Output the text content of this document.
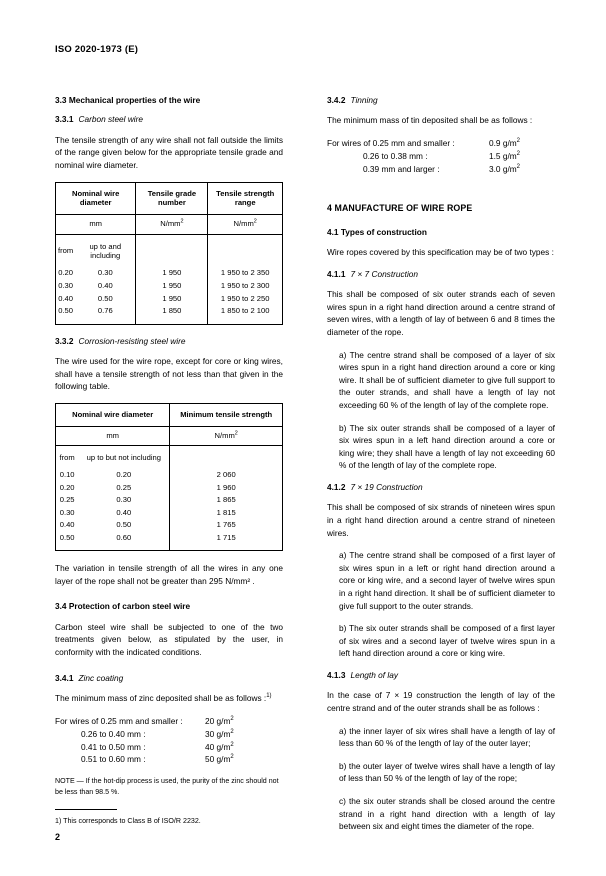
ISO 2020-1973 (E)
3.3 Mechanical properties of the wire
3.3.1 Carbon steel wire

The tensile strength of any wire shall not fall outside the limits of the range given below for the appropriate tensile grade and nominal wire diameter.

Nominal wire diameter		Tensile grade number	Tensile strength range
mm		$N/mm^2$	$N/mm^2$
from	up to and including		
0.20	0.30	1 950	1 950 to 2 350
0.30	0.40	1 950	1 950 to 2 300
0.40	0.50	1 950	1 950 to 2 250
0.50	0.76	1 850	1 850 to 2 100
3.3.2 Corrosion-resisting steel wire

The wire used for the wire rope, except for core or king wires, shall have a tensile strength of not less than that given in the following table.

Nominal wire diameter		Minimum tensile strength
mm		$N/mm^2$
from	up to but not including	
0.10	0.20	2 060
0.20	0.25	1 960
0.25	0.30	1 865
0.30	0.40	1 815
0.40	0.50	1 765
0.50	0.60	1 715

The variation in tensile strength of all the wires in any one layer of the rope shall not be greater than 295 N/mm² .

3.4 Protection of carbon steel wire

Carbon steel wire shall be subjected to one of the two treatments given below, as stipulated by the user, in conformity with the indicated conditions.

3.4.1 Zinc coating

The minimum mass of zinc deposited shall be as follows :$^{1)}$

For wires of 0.25 mm and smaller :	20 $g/m^2$
0.26 to 0.40 mm :	30 $g/m^2$
0.41 to 0.50 mm :	40 $g/m^2$
0.51 to 0.60 mm :	50 $g/m^2$

NOTE — If the hot-dip process is used, the purity of the zinc should not be less than 98.5 %.

1) This corresponds to Class B of ISO/R 2232.

3.4.2 Tinning

The minimum mass of tin deposited shall be as follows :

For wires of 0.25 mm and smaller :	0.9 $g/m^2$
0.26 to 0.38 mm :	1.5 $g/m^2$
0.39 mm and larger :	3.0 $g/m^2$
4 MANUFACTURE OF WIRE ROPE
4.1 Types of construction

Wire ropes covered by this specification may be of two types :

4.1.1 7 × 7 Construction

This shall be composed of six outer strands each of seven wires spun in a right hand direction around a centre strand of seven wires, with a length of lay of between 6 and 8 times the diameter of the rope.

a) The centre strand shall be composed of a layer of six wires spun in a right hand direction around a core or king wire. It shall be of sufficient diameter to give full support to the outer strands, and shall have a length of lay not exceeding 60 % of the length of lay of the complete rope.

b) The six outer strands shall be composed of a layer of six wires spun in a left hand direction around a core or king wire; they shall have a length of lay not exceeding 60 % of the length of lay of the complete rope.

4.1.2 7 × 19 Construction

This shall be composed of six strands of nineteen wires spun in a right hand direction around a centre strand of nineteen wires.

a) The centre strand shall be composed of a first layer of six wires spun in a left or right hand direction around a core or king wire, and a second layer of twelve wires spun in a right hand direction. It shall be of sufficient diameter to give full support to the outer strands.

b) The six outer strands shall be composed of a first layer of six wires and a second layer of twelve wires spun in a left hand direction around a core or king wire.

4.1.3 Length of lay

In the case of 7 × 19 construction the length of lay of the centre strand and of the outer strands shall be as follows :

a) the inner layer of six wires shall have a length of lay of less than 60 % of the length of lay of the outer layer;

b) the outer layer of twelve wires shall have a length of lay of less than 50 % of the length of lay of the rope;

c) the six outer strands shall be closed around the centre strand in a right hand direction with a length of lay between six and eight times the diameter of the rope.

2
